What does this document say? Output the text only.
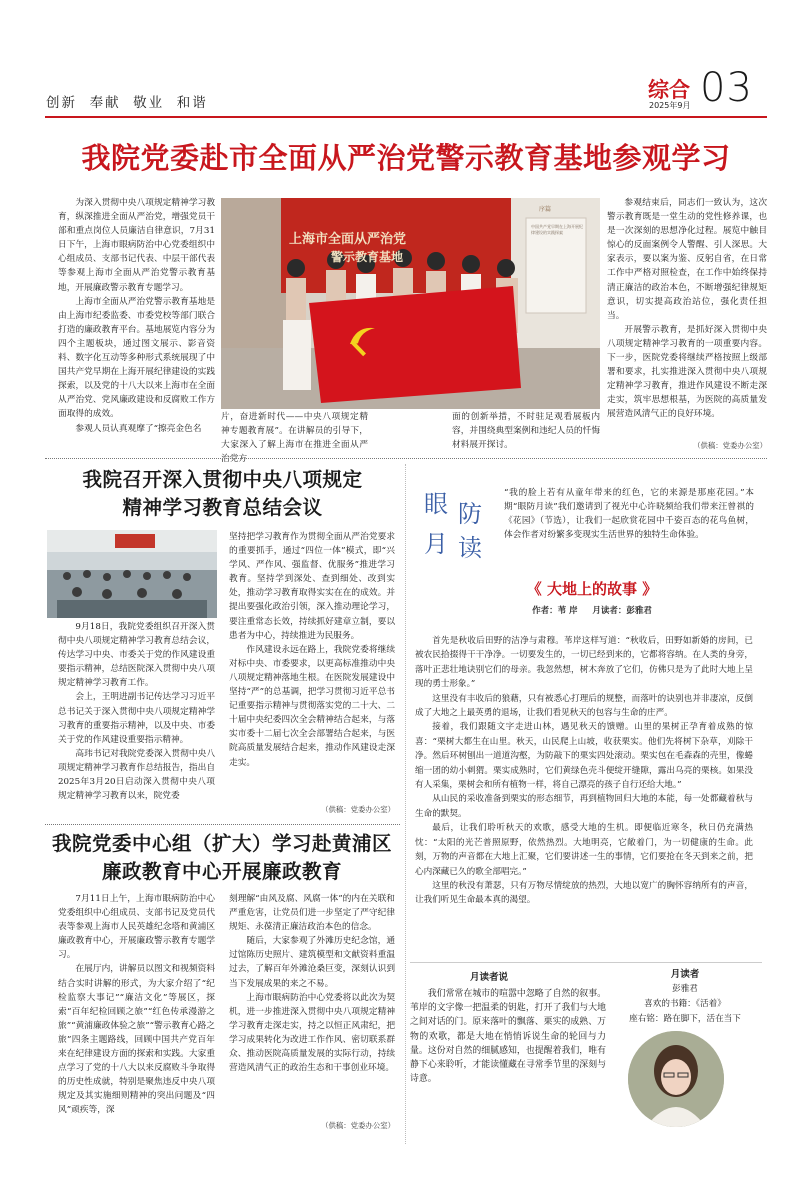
创新  奉献  敬业  和谐
综合
2025年9月 03
我院党委赴市全面从严治党警示教育基地参观学习

为深入贯彻中央八项规定精神学习教育，纵深推进全面从严治党，增强党员干部和重点岗位人员廉洁自律意识，7月31日下午，上海市眼病防治中心党委组织中心组成员、支部书记代表、中层干部代表等参观上海市全面从严治党警示教育基地，开展廉政警示教育专题学习。

上海市全面从严治党警示教育基地是由上海市纪委监委、市委党校等部门联合打造的廉政教育平台。基地展览内容分为四个主题板块，通过图文展示、影音资料、数字化互动等多种形式系统展现了中国共产党早期在上海开展纪律建设的实践探索，以及党的十八大以来上海市在全面从严治党、党风廉政建设和反腐败工作方面取得的成效。

参观人员认真观摩了“擦亮金色名

上海市全面从严治党
警示教育基地
序篇
中国共产党早期在上海开展纪律建设的实践探索

片，奋进新时代——中央八项规定精神专题教育展”。在讲解员的引导下，大家深入了解上海市在推进全面从严治党方

面的创新举措，不时驻足观看展板内容，并围绕典型案例和违纪人员的忏悔材料展开探讨。

参观结束后，同志们一致认为，这次警示教育既是一堂生动的党性修养课，也是一次深刻的思想净化过程。展览中触目惊心的反面案例令人警醒、引人深思。大家表示，要以案为鉴、反躬自省，在日常工作中严格对照检查，在工作中始终保持清正廉洁的政治本色，不断增强纪律规矩意识，切实提高政治站位，强化责任担当。

开展警示教育，是抓好深入贯彻中央八项规定精神学习教育的一项重要内容。下一步，医院党委将继续严格按照上级部署和要求，扎实推进深入贯彻中央八项规定精神学习教育，推进作风建设不断走深走实，筑牢思想根基，为医院的高质量发展营造风清气正的良好环境。

（供稿：党委办公室）
我院召开深入贯彻中央八项规定
精神学习教育总结会议

9月18日，我院党委组织召开深入贯彻中央八项规定精神学习教育总结会议，传达学习中央、市委关于党的作风建设重要指示精神，总结医院深入贯彻中央八项规定精神学习教育工作。

会上，王明进副书记传达学习习近平总书记关于深入贯彻中央八项规定精神学习教育的重要指示精神，以及中央、市委关于党的作风建设重要指示精神。

高玮书记对我院党委深入贯彻中央八项规定精神学习教育作总结报告，指出自2025年3月20日启动深入贯彻中央八项规定精神学习教育以来，院党委

坚持把学习教育作为贯彻全面从严治党要求的重要抓手，通过“四位一体”模式，即“兴学风、严作风、强监督、优服务”推进学习教育。坚持学到深处、查到细处、改到实处，推动学习教育取得实实在在的成效。并提出要强化政治引领，深入推动理论学习，要注重常态长效，持续抓好建章立制，要以患者为中心，持续推进为民服务。

作风建设永远在路上，我院党委将继续对标中央、市委要求，以更高标准推动中央八项规定精神落地生根。在医院发展建设中坚持“严”的总基调，把学习贯彻习近平总书记重要指示精神与贯彻落实党的二十大、二十届中央纪委四次全会精神结合起来，与落实市委十二届七次全会部署结合起来，与医院高质量发展结合起来，推动作风建设走深走实。

（供稿：党委办公室）
我院党委中心组（扩大）学习赴黄浦区
廉政教育中心开展廉政教育

7月11日上午，上海市眼病防治中心党委组织中心组成员、支部书记及党员代表等参观上海市人民英雄纪念塔和黄浦区廉政教育中心，开展廉政警示教育专题学习。

在展厅内，讲解员以图文和视频资料结合实时讲解的形式，为大家介绍了“纪检监察大事记”“廉洁文化”等展区，探索“百年纪检回顾之旅”“红色传承漫游之旅”“黄浦廉政体验之旅”“警示教育心路之旅”四条主题路线，回顾中国共产党百年来在纪律建设方面的探索和实践。大家重点学习了党的十八大以来反腐败斗争取得的历史性成就，特别是聚焦违反中央八项规定及其实施细则精神的突出问题及“四风”顽疾等，深

刻理解“由风及腐、风腐一体”的内在关联和严重危害，让党员们进一步坚定了严守纪律规矩、永葆清正廉洁政治本色的信念。

随后，大家参观了外滩历史纪念馆，通过馆陈历史照片、建筑模型和文献资料重温过去，了解百年外滩沧桑巨变，深刻认识到当下发展成果的来之不易。

上海市眼病防治中心党委将以此次为契机，进一步推进深入贯彻中央八项规定精神学习教育走深走实，持之以恒正风肃纪，把学习成果转化为改进工作作风、密切联系群众、推动医院高质量发展的实际行动，持续营造风清气正的政治生态和干事创业环境。

（供稿：党委办公室）
眼 防
月 读

“我的脸上若有从童年带来的红色，它的来源是那座花园。”本期“眼防月读”我们邀请到了视光中心许晓频给我们带来汪曾祺的《花园》（节选），让我们一起欣赏花园中千姿百态的花鸟鱼树，体会作者对纷繁多变现实生活世界的独特生命体验。

《 大地上的故事 》
作者：苇 岸     月读者：彭雅君

首先是秋收后田野的洁净与肃穆。苇岸这样写道：“秋收后，田野如新婚的房间，已被农民拾掇得干干净净。一切要发生的，一切已经到来的，它都将容纳。在人类的身旁，落叶正悲壮地诀别它们的母亲。我忽然想，树木奔放了它们，仿佛只是为了此时大地上呈现的勇士形象。”

这里没有丰收后的狼藉，只有被悉心打理后的规整，而落叶的诀别也并非凄凉，反倒成了大地之上最英勇的退场，让我们看见秋天的包容与生命的庄严。

接着，我们跟随文字走进山林，遇见秋天的馈赠。山里的果树正孕育着成熟的惊喜：“栗树大都生在山里。秋天，山民爬上山坡，收获栗实。他们先将树下杂草，刈除干净。然后环树刨出一道道沟壑，为防敲下的栗实四处滚动。栗实包在毛森森的壳里，像蜷缩一团的幼小刺猬。栗实成熟时，它们黄绿色壳斗便绽开缝隙，露出乌亮的栗核。如果没有人采集，栗树会和所有植物一样，将自己漂亮的孩子自行还给大地。”

从山民的采收准备到栗实的形态细节，再到植物回归大地的本能，每一处都藏着秋与生命的默契。

最后，让我们聆听秋天的欢歌，感受大地的生机。即便临近寒冬，秋日仍充满热忱：“太阳的光芒普照原野，依然热烈。大地明亮，它敞着门，为一切健康的生命。此刻，万物的声音都在大地上汇聚，它们要讲述一生的事情，它们要抢在冬天到来之前，把心内深藏已久的歌全部唱完。”

这里的秋没有萧瑟，只有万物尽情绽放的热烈，大地以宽广的胸怀容纳所有的声音，让我们听见生命最本真的渴望。

月读者说

我们常常在城市的喧嚣中忽略了自然的叙事。苇岸的文字像一把温柔的钥匙，打开了我们与大地之间对话的门。原来落叶的飘落、栗实的成熟、万物的欢歌，都是大地在悄悄诉说生命的轮回与力量。这份对自然的细腻感知，也提醒着我们，唯有静下心来聆听，才能读懂藏在寻常季节里的深刻与诗意。

月读者
彭雅君
喜欢的书籍：《活着》
座右铭：路在脚下，活在当下
